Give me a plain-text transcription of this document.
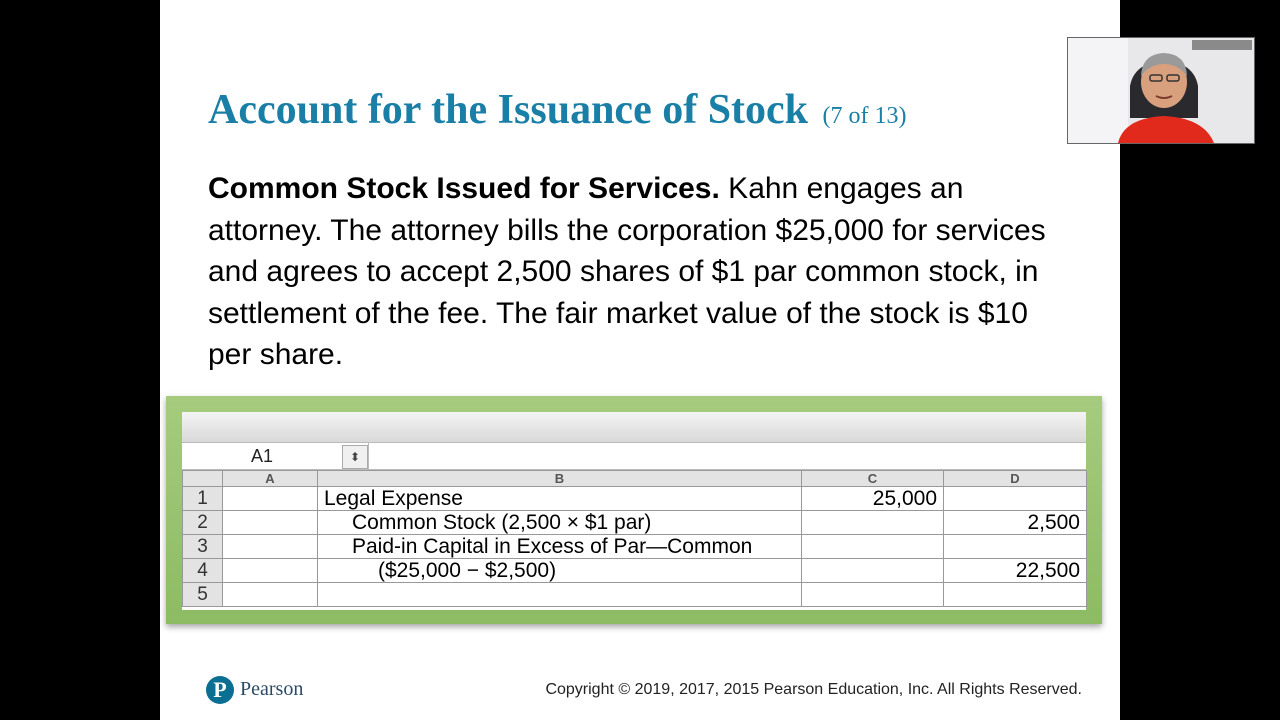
Account for the Issuance of Stock (7 of 13)
Common Stock Issued for Services. Kahn engages an attorney. The attorney bills the corporation $25,000 for services and agrees to accept 2,500 shares of $1 par common stock, in settlement of the fee. The fair market value of the stock is $10 per share.
A1	⬍
	A	B	C	D
1		Legal Expense	25,000	
2		Common Stock (2,500 × $1 par)		2,500
3		Paid-in Capital in Excess of Par—Common		
4		($25,000 − $2,500)		22,500
5				
P Pearson	Copyright © 2019, 2017, 2015 Pearson Education, Inc. All Rights Reserved.
